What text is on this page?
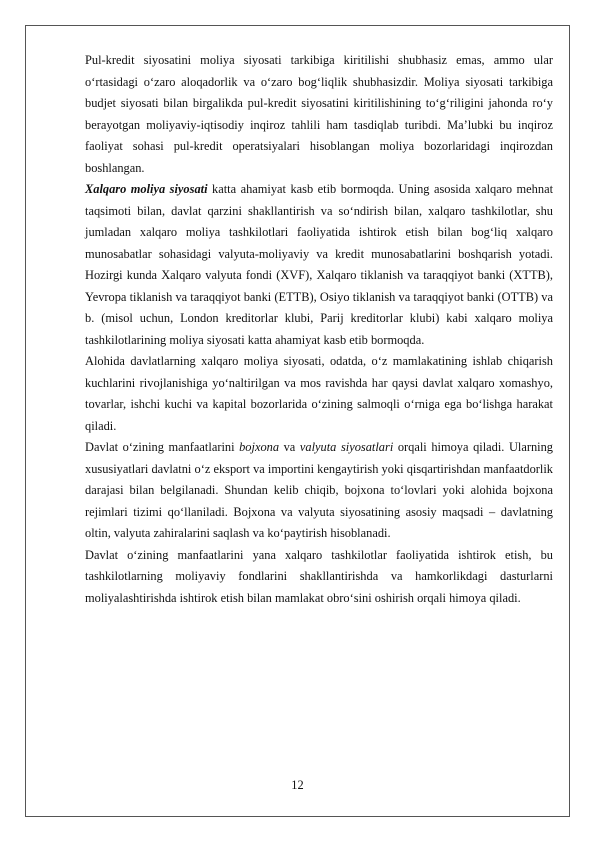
Pul-kredit siyosatini moliya siyosati tarkibiga kiritilishi shubhasiz emas, ammo ular o‘rtasidagi o‘zaro aloqadorlik va o‘zaro bog‘liqlik shubhasizdir. Moliya siyosati tarkibiga budjet siyosati bilan birgalikda pul-kredit siyosatini kiritilishining to‘g‘riligini jahonda ro‘y berayotgan moliyaviy-iqtisodiy inqiroz tahlili ham tasdiqlab turibdi. Ma’lubki bu inqiroz faoliyat sohasi pul-kredit operatsiyalari hisoblangan moliya bozorlaridagi inqirozdan boshlangan.

Xalqaro moliya siyosati katta ahamiyat kasb etib bormoqda. Uning asosida xalqaro mehnat taqsimoti bilan, davlat qarzini shakllantirish va so‘ndirish bilan, xalqaro tashkilotlar, shu jumladan xalqaro moliya tashkilotlari faoliyatida ishtirok etish bilan bog‘liq xalqaro munosabatlar sohasidagi valyuta-moliyaviy va kredit munosabatlarini boshqarish yotadi. Hozirgi kunda Xalqaro valyuta fondi (XVF), Xalqaro tiklanish va taraqqiyot banki (XTTB), Yevropa tiklanish va taraqqiyot banki (ETTB), Osiyo tiklanish va taraqqiyot banki (OTTB) va b. (misol uchun, London kreditorlar klubi, Parij kreditorlar klubi) kabi xalqaro moliya tashkilotlarining moliya siyosati katta ahamiyat kasb etib bormoqda.

Alohida davlatlarning xalqaro moliya siyosati, odatda, o‘z mamlakatining ishlab chiqarish kuchlarini rivojlanishiga yo‘naltirilgan va mos ravishda har qaysi davlat xalqaro xomashyo, tovarlar, ishchi kuchi va kapital bozorlarida o‘zining salmoqli o‘rniga ega bo‘lishga harakat qiladi.

Davlat o‘zining manfaatlarini bojxona va valyuta siyosatlari orqali himoya qiladi. Ularning xususiyatlari davlatni o‘z eksport va importini kengaytirish yoki qisqartirishdan manfaatdorlik darajasi bilan belgilanadi. Shundan kelib chiqib, bojxona to‘lovlari yoki alohida bojxona rejimlari tizimi qo‘llaniladi. Bojxona va valyuta siyosatining asosiy maqsadi – davlatning oltin, valyuta zahiralarini saqlash va ko‘paytirish hisoblanadi.

Davlat o‘zining manfaatlarini yana xalqaro tashkilotlar faoliyatida ishtirok etish, bu tashkilotlarning moliyaviy fondlarini shakllantirishda va hamkorlikdagi dasturlarni moliyalashtirishda ishtirok etish bilan mamlakat obro‘sini oshirish orqali himoya qiladi.

12
